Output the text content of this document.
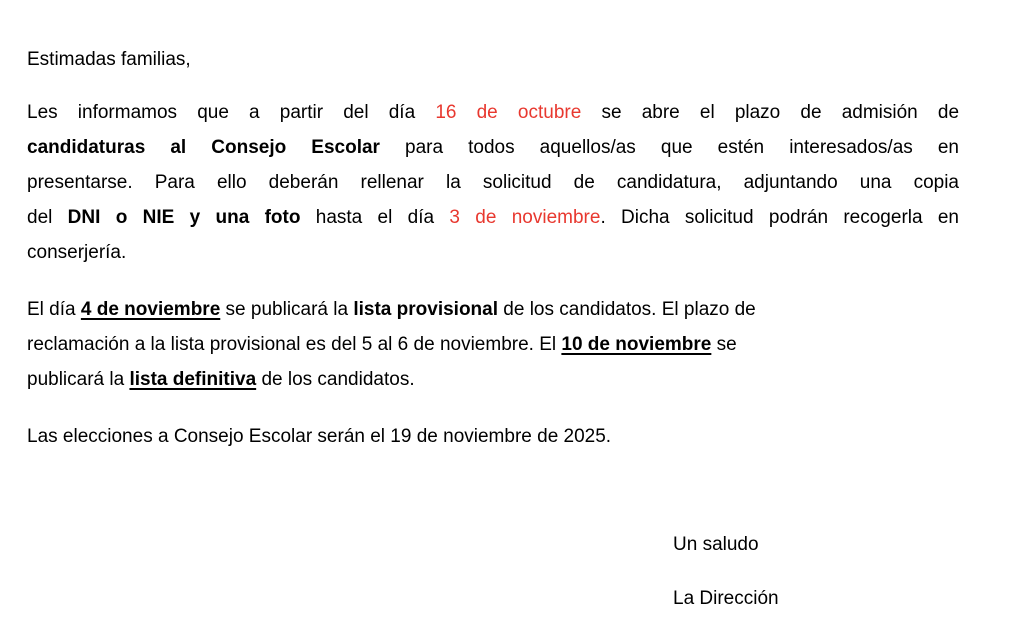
Estimadas familias,

Les informamos que a partir del día 16 de octubre se abre el plazo de admisión de
candidaturas al Consejo Escolar para todos aquellos/as que estén interesados/as en
presentarse. Para ello deberán rellenar la solicitud de candidatura, adjuntando una copia
del DNI o NIE y una foto hasta el día 3 de noviembre. Dicha solicitud podrán recogerla en
conserjería.
El día 4 de noviembre se publicará la lista provisional de los candidatos. El plazo de
reclamación a la lista provisional es del 5 al 6 de noviembre. El 10 de noviembre se
publicará la lista definitiva de los candidatos.

Las elecciones a Consejo Escolar serán el 19 de noviembre de 2025.

Un saludo
La Dirección
